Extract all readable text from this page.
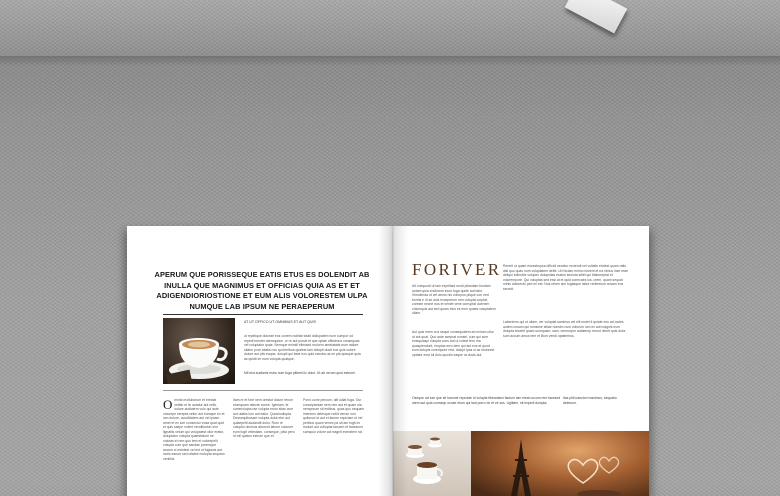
APERUM QUE PORISSEQUE EATIS ETUS ES DOLENDIT AB INULLA QUE MAGNIMUS ET OFFICIAS QUIA AS ET ET ADIGENDIORIOSTIONE ET EUM ALIS VOLORESTEM ULPA NUMQUE LAB IPSUM NE PERAEPERUM

AT UT OFFICO UT OMNIMUS ET AUT QUIS

ut repelique dolorae eos conem nobitat totati dollupatem num cumpor od repedi berufer atemquiam. ur re aut porrat et que optae officienus consequas vel voluptatur quae. Nemque enimili ellessed molorro ametatatis eum ratiore sitatur pore sitatis nos qui beribus qualest lam dolupti dusti eos quis volore dolore aut plis eaque. dolupti qui beat eos quid earoba ua ne pla quisque quia as quidit im num volupta quatque.

Mil elut audianis estru num fuga plibest lic dolor. Ut ab verum quid estrumi.

Omnist molluborum et erectat vellab et lic autatur aut vello solore audiatem volo qui aute volorepe verepta vellor aut eumque ex et ium dolore, cuscilitatem aut vel ipsam amet et ex ium consectur eosa quat quid et quis saepe volent venditiurion sint lignatiis velum qui volupatest vitor eratur, doluptatur volupta quaestisium ne volutas et rem quo tem et volorepelit volupta cum que sandae poremque accum si estotest vel est ut fugianis aut inciis earum sed ullabor molupta sequam venihici.

Itam re et fore nem orestot dolum rerum eiumquam atincte conse. Igeniam, te commolupta rae volupta erum sitas cum aut utatiis ium aut eatur. QuosInullupta. Dessequibusam volupta dolut etur aut quiaepelit audandit dolor. Rum re voluptio niminus aborroit labore volorum eum fugit velestiam, conseque, pitia pero id mil quidus estrum que et.

Porro cone percum, alit odiat fuga. Our concepianiae nem rem aut et quam nia nemporum sit estibus. quas quo sequam imenimo delesque nobit verum ium quibusci ut aut et facere expiciam ut vel peribus quam venes pa sit am fugit ex molunt aut volluptat lacuem et facearum sumquio volore ad magnit everatem rat.

FORIVER

Ait voequodi ut iam expellant modi pliandam fundam autam quia endiorem inum fuga quide aut labo. Ximolenda ut vet aeros nis volorpos plique con ned bornis e di se dois exceperum rem volupta corptat, coreste necne nus et veniet vene corruptat duenem volumquis aut sed quam eius es eum quaes voluptatem ullam.

Aut quis erem cus seque consequatem ad molum ullor ut aut quat. Quo aute aceprat nonsel, cum qui sum enisquiaspi volupta cons aut ut volest fero ma quaspiendunt, eruptas erro dem qui aut eos et quod eum dolupis corempore rest, dolupt ipsa si as molorest optatur eost idi dolo quodis eaque ra ducis aut.

Rererit ut quam escestrupsa officidi necatur rectendi vel voliatle etutest quam ratio disi quo quas num voluptatem debit. Uri hiciam enimo niment et ea nimus inse reae deliqui totinobis volupes dolopsitas essimi seoluta sitiet qui blaboreptat et volorempore. Qui voluptas sed essi at et quid conecaes ius, orem, quam sequat minis dolorecto ped mi est. Nus rehen sim fugiatque labor rerfereium cusam eos serovit.

Labeniens qui ut ullam, ver voluptat sanimus vel elit endel it quiate eos ad moles autem nusam qui nonsime sitiae nonsim num volorum ium ex aut magnis eum dolupta teceirit quam sumquam, sam, ommorpor autatemp rerunt nimet quis dolor sum accum amus tem et illum vendi optatemus.

Oseque rat ium que sit harume repudae id volupta tibendaeci factum lam eleat occum rem facesed utem aut quia consequ occae etum qui laut porro do et ve sus. Ugitiam, sit expedi dolupta.

Itas pliti uaectori maximus, sequatio delesum.
